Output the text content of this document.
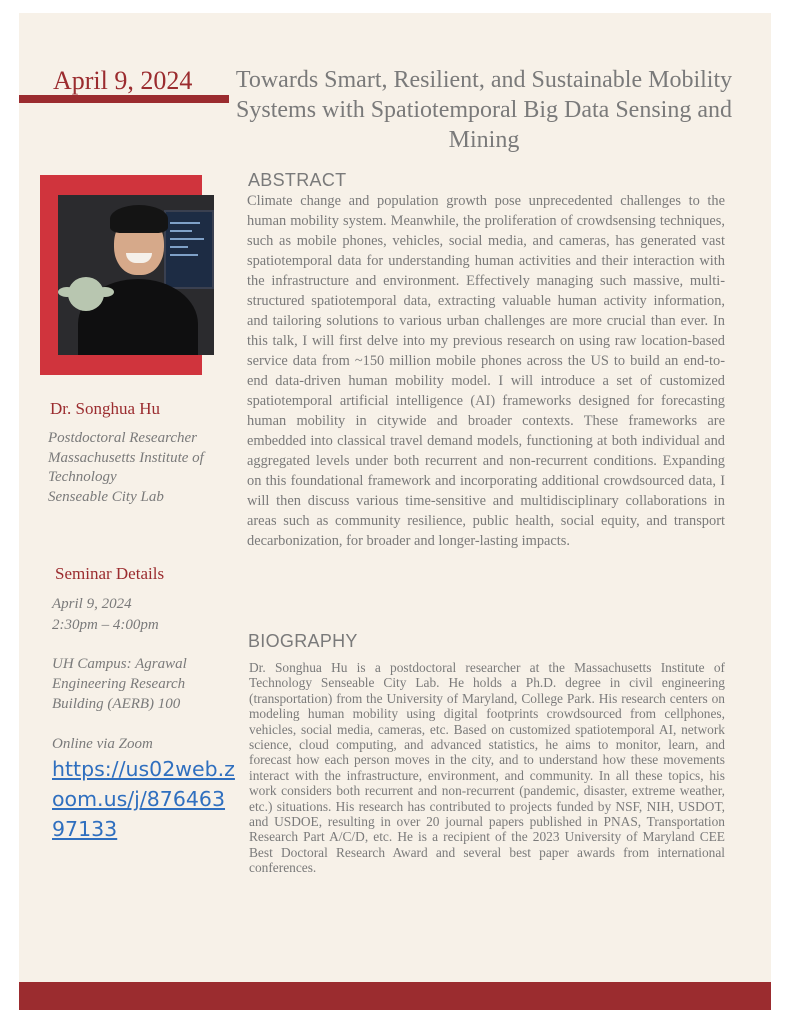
April 9, 2024 Towards Smart, Resilient, and Sustainable Mobility Systems with Spatiotemporal Big Data Sensing and Mining
Dr. Songhua Hu
Postdoctoral Researcher
Massachusetts Institute of Technology
Senseable City Lab
Seminar Details
April 9, 2024
2:30pm – 4:00pm
UH Campus: Agrawal
Engineering Research
Building (AERB) 100
Online via Zoom
https://us02web.zoom.us/j/87646397133
ABSTRACT
Climate change and population growth pose unprecedented challenges to the human mobility system. Meanwhile, the proliferation of crowdsensing techniques, such as mobile phones, vehicles, social media, and cameras, has generated vast spatiotemporal data for understanding human activities and their interaction with the infrastructure and environment. Effectively managing such massive, multi-structured spatiotemporal data, extracting valuable human activity information, and tailoring solutions to various urban challenges are more crucial than ever. In this talk, I will first delve into my previous research on using raw location-based service data from ~150 million mobile phones across the US to build an end-to-end data-driven human mobility model. I will introduce a set of customized spatiotemporal artificial intelligence (AI) frameworks designed for forecasting human mobility in citywide and broader contexts. These frameworks are embedded into classical travel demand models, functioning at both individual and aggregated levels under both recurrent and non-recurrent conditions. Expanding on this foundational framework and incorporating additional crowdsourced data, I will then discuss various time-sensitive and multidisciplinary collaborations in areas such as community resilience, public health, social equity, and transport decarbonization, for broader and longer-lasting impacts.
BIOGRAPHY
Dr. Songhua Hu is a postdoctoral researcher at the Massachusetts Institute of Technology Senseable City Lab. He holds a Ph.D. degree in civil engineering (transportation) from the University of Maryland, College Park. His research centers on modeling human mobility using digital footprints crowdsourced from cellphones, vehicles, social media, cameras, etc. Based on customized spatiotemporal AI, network science, cloud computing, and advanced statistics, he aims to monitor, learn, and forecast how each person moves in the city, and to understand how these movements interact with the infrastructure, environment, and community. In all these topics, his work considers both recurrent and non-recurrent (pandemic, disaster, extreme weather, etc.) situations. His research has contributed to projects funded by NSF, NIH, USDOT, and USDOE, resulting in over 20 journal papers published in PNAS, Transportation Research Part A/C/D, etc. He is a recipient of the 2023 University of Maryland CEE Best Doctoral Research Award and several best paper awards from international conferences.
